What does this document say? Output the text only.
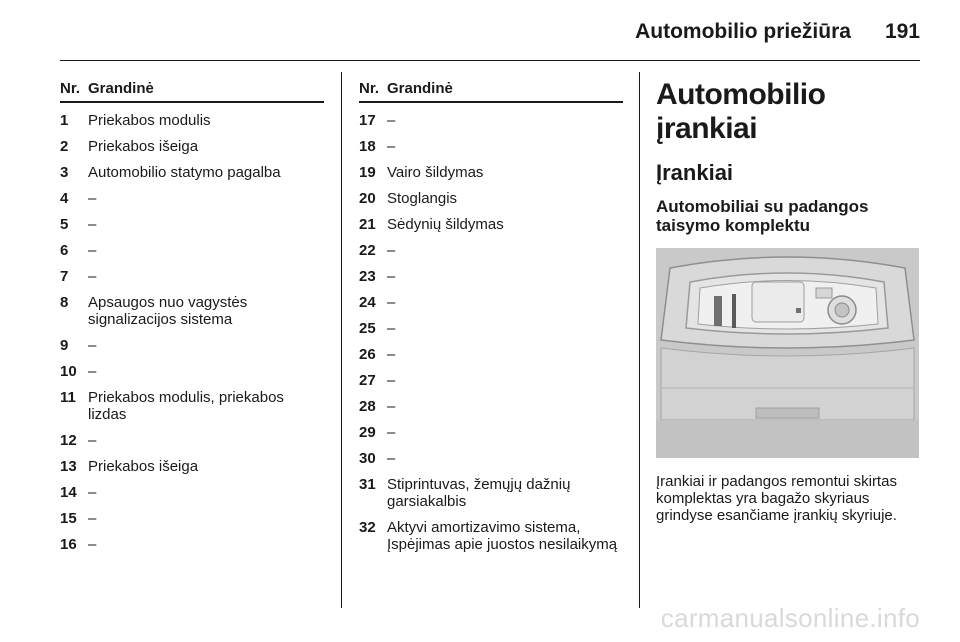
Automobilio priežiūra 191
Nr. Grandinė
1	Priekabos modulis
2	Priekabos išeiga
3	Automobilio statymo pagalba
4	–
5	–
6	–
7	–
8	Apsaugos nuo vagystės signalizacijos sistema
9	–
10 –
11 Priekabos modulis, priekabos lizdas
12 –
13 Priekabos išeiga
14 –
15 –
16 –
Nr. Grandinė
17 –
18 –
19 Vairo šildymas
20 Stoglangis
21 Sėdynių šildymas
22 –
23 –
24 –
25 –
26 –
27 –
28 –
29 –
30 –
31 Stiprintuvas, žemųjų dažnių garsiakalbis
32 Aktyvi amortizavimo sistema, Įspėjimas apie juostos nesilaikymą
Automobilio įrankiai
Įrankiai
Automobiliai su padangos taisymo komplektu
Įrankiai ir padangos remontui skirtas komplektas yra bagažo skyriaus grindyse esančiame įrankių skyriuje.
carmanualsonline.info
